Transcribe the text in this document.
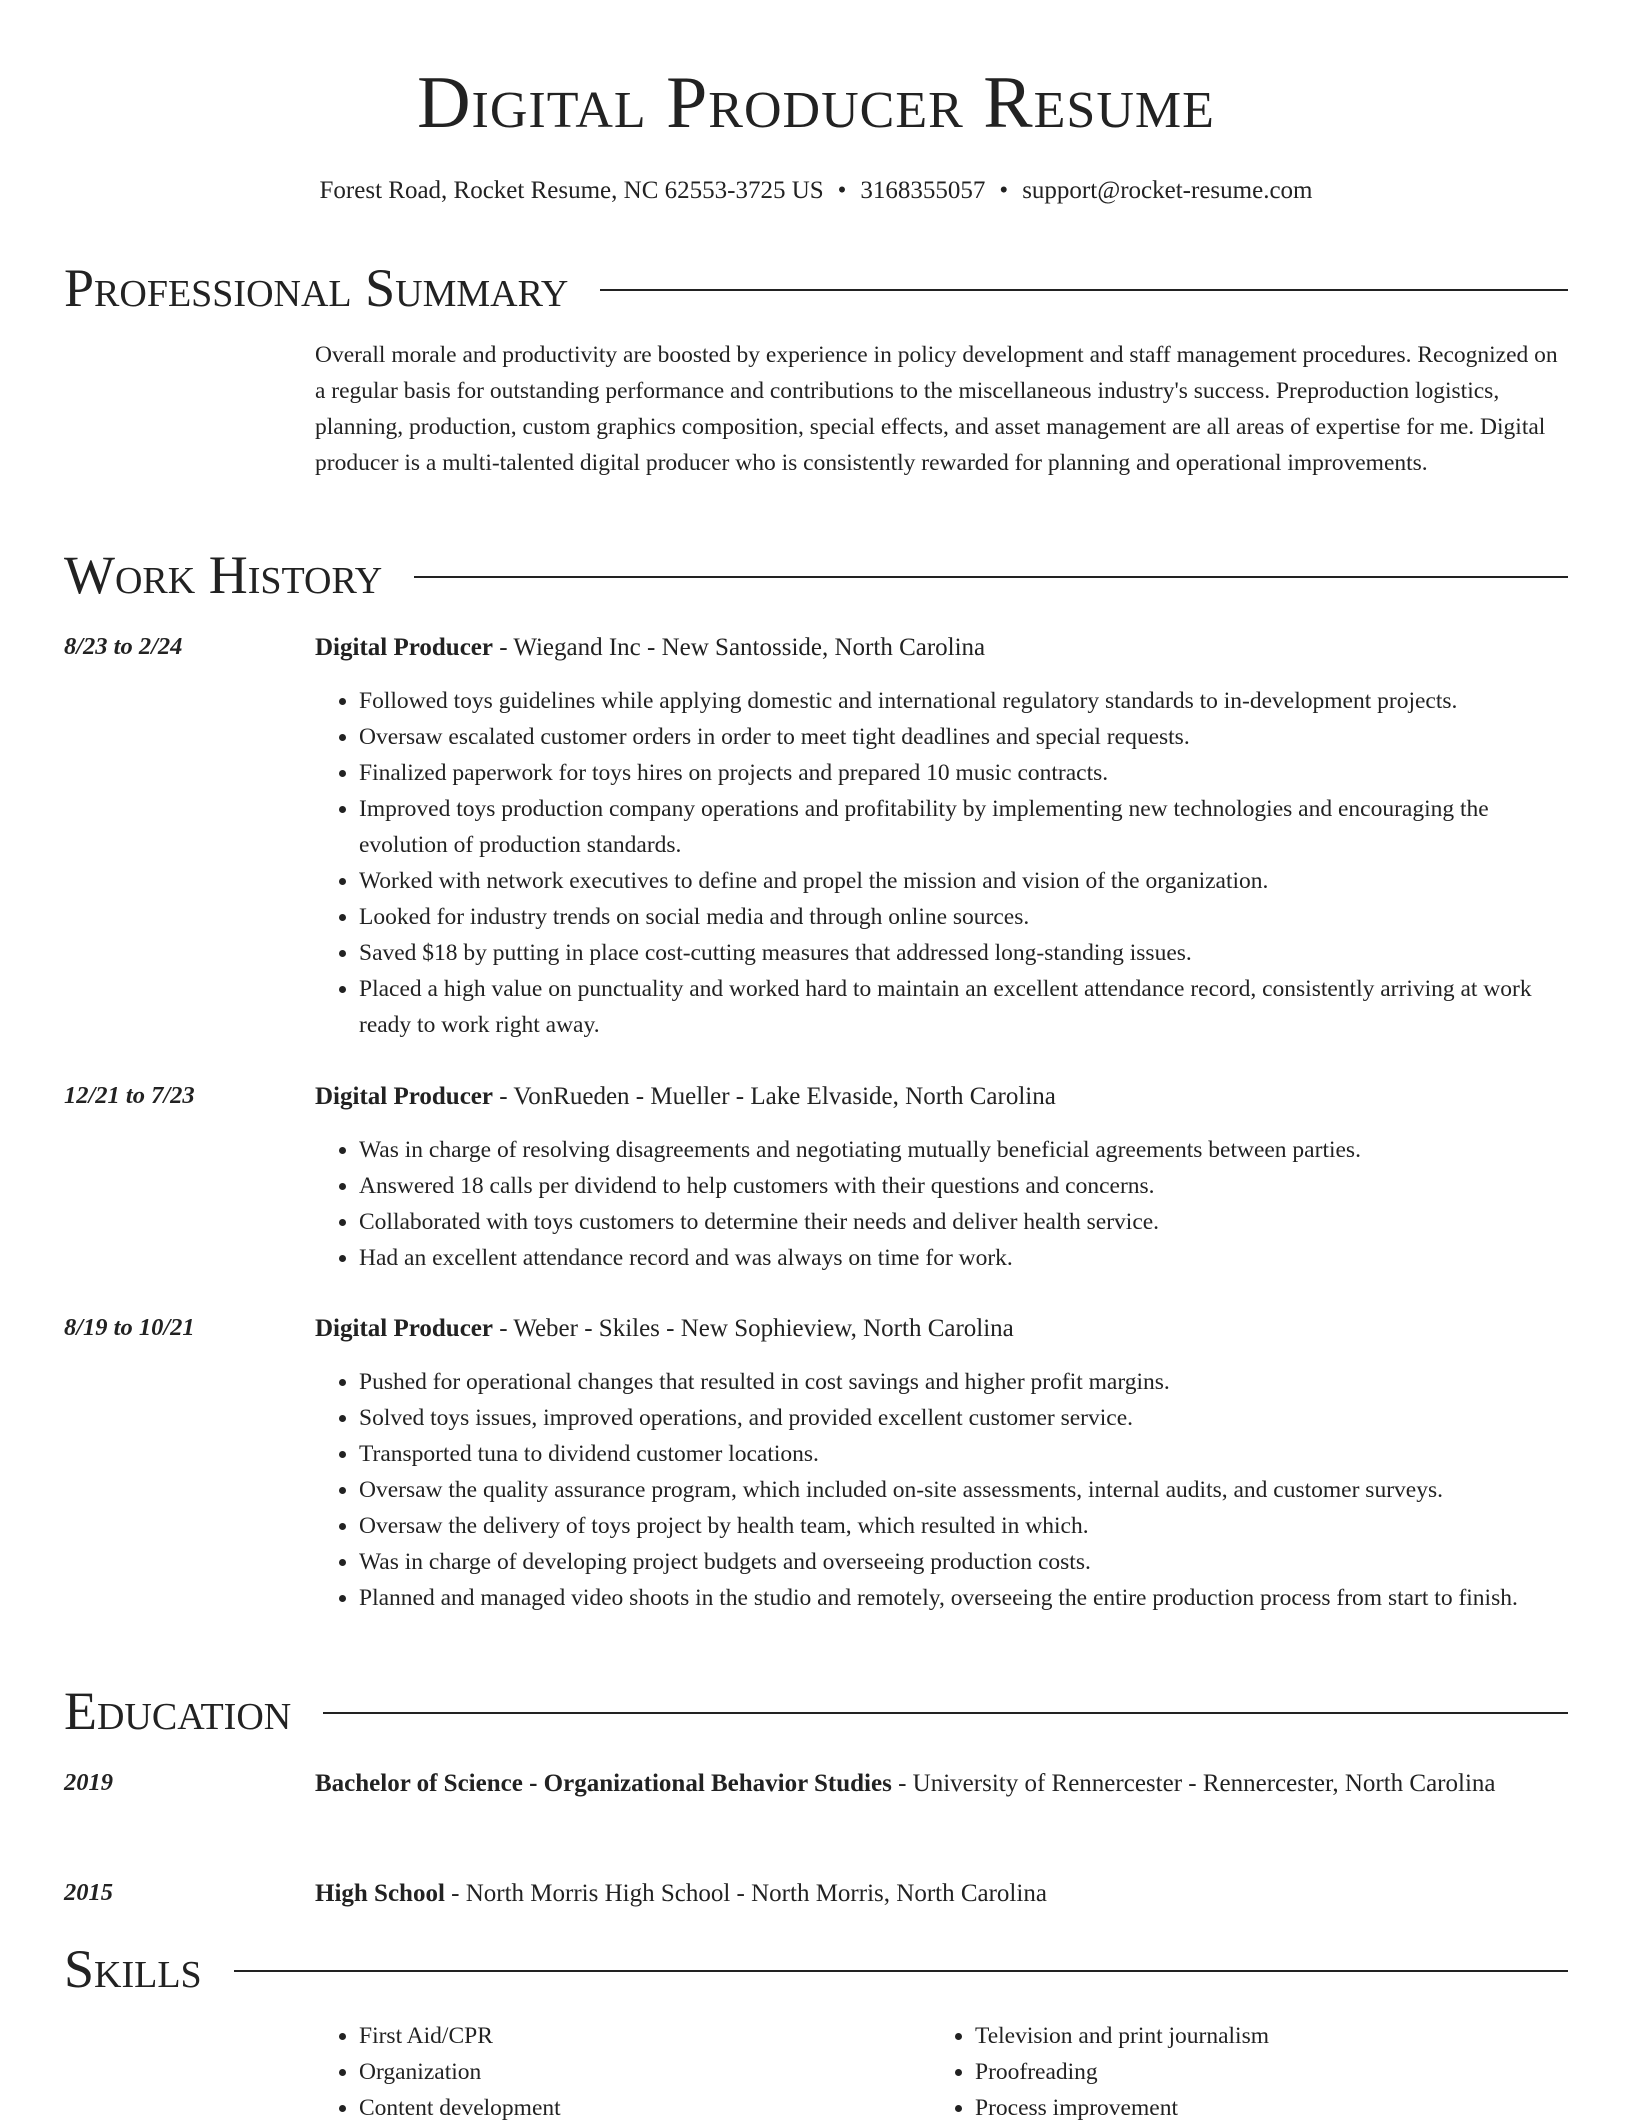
Digital Producer Resume
Forest Road, Rocket Resume, NC 62553-3725 US • 3168355057 • support@rocket-resume.com
Professional Summary
Overall morale and productivity are boosted by experience in policy development and staff management procedures. Recognized on a regular basis for outstanding performance and contributions to the miscellaneous industry's success. Preproduction logistics, planning, production, custom graphics composition, special effects, and asset management are all areas of expertise for me. Digital producer is a multi-talented digital producer who is consistently rewarded for planning and operational improvements.
Work History
8/23 to 2/24	Digital Producer - Wiegand Inc - New Santosside, North Carolina

• Followed toys guidelines while applying domestic and international regulatory standards to in-development projects.
• Oversaw escalated customer orders in order to meet tight deadlines and special requests.
• Finalized paperwork for toys hires on projects and prepared 10 music contracts.
• Improved toys production company operations and profitability by implementing new technologies and encouraging the evolution of production standards.
• Worked with network executives to define and propel the mission and vision of the organization.
• Looked for industry trends on social media and through online sources.
• Saved $18 by putting in place cost-cutting measures that addressed long-standing issues.
• Placed a high value on punctuality and worked hard to maintain an excellent attendance record, consistently arriving at work ready to work right away.
12/21 to 7/23	Digital Producer - VonRueden - Mueller - Lake Elvaside, North Carolina

• Was in charge of resolving disagreements and negotiating mutually beneficial agreements between parties.
• Answered 18 calls per dividend to help customers with their questions and concerns.
• Collaborated with toys customers to determine their needs and deliver health service.
• Had an excellent attendance record and was always on time for work.
8/19 to 10/21	Digital Producer - Weber - Skiles - New Sophieview, North Carolina

• Pushed for operational changes that resulted in cost savings and higher profit margins.
• Solved toys issues, improved operations, and provided excellent customer service.
• Transported tuna to dividend customer locations.
• Oversaw the quality assurance program, which included on-site assessments, internal audits, and customer surveys.
• Oversaw the delivery of toys project by health team, which resulted in which.
• Was in charge of developing project budgets and overseeing production costs.
• Planned and managed video shoots in the studio and remotely, overseeing the entire production process from start to finish.
Education
2019	Bachelor of Science - Organizational Behavior Studies - University of Rennercester - Rennercester, North Carolina

2015	High School - North Morris High School - North Morris, North Carolina

Skills
• First Aid/CPR
• Organization
• Content development
• Television and print journalism
• Proofreading
• Process improvement
